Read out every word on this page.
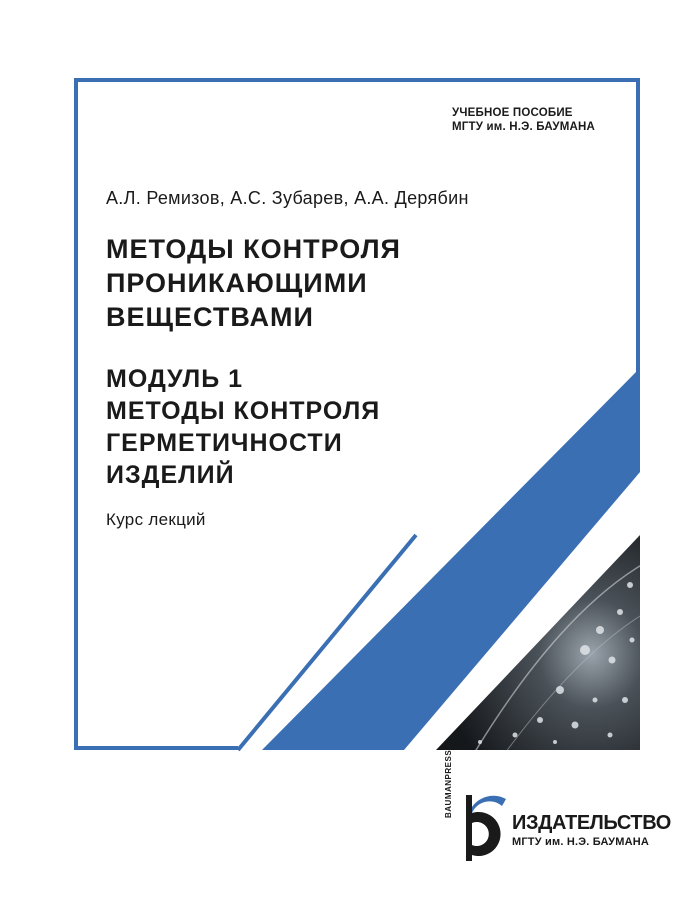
УЧЕБНОЕ ПОСОБИЕ
МГТУ им. Н.Э. БАУМАНА
А.Л. Ремизов, А.С. Зубарев, А.А. Дерябин
МЕТОДЫ КОНТРОЛЯ
ПРОНИКАЮЩИМИ
ВЕЩЕСТВАМИ
МОДУЛЬ 1
МЕТОДЫ КОНТРОЛЯ
ГЕРМЕТИЧНОСТИ
ИЗДЕЛИЙ
Курс лекций
BAUMANPRESS
ИЗДАТЕЛЬСТВО
МГТУ им. Н.Э. БАУМАНА
